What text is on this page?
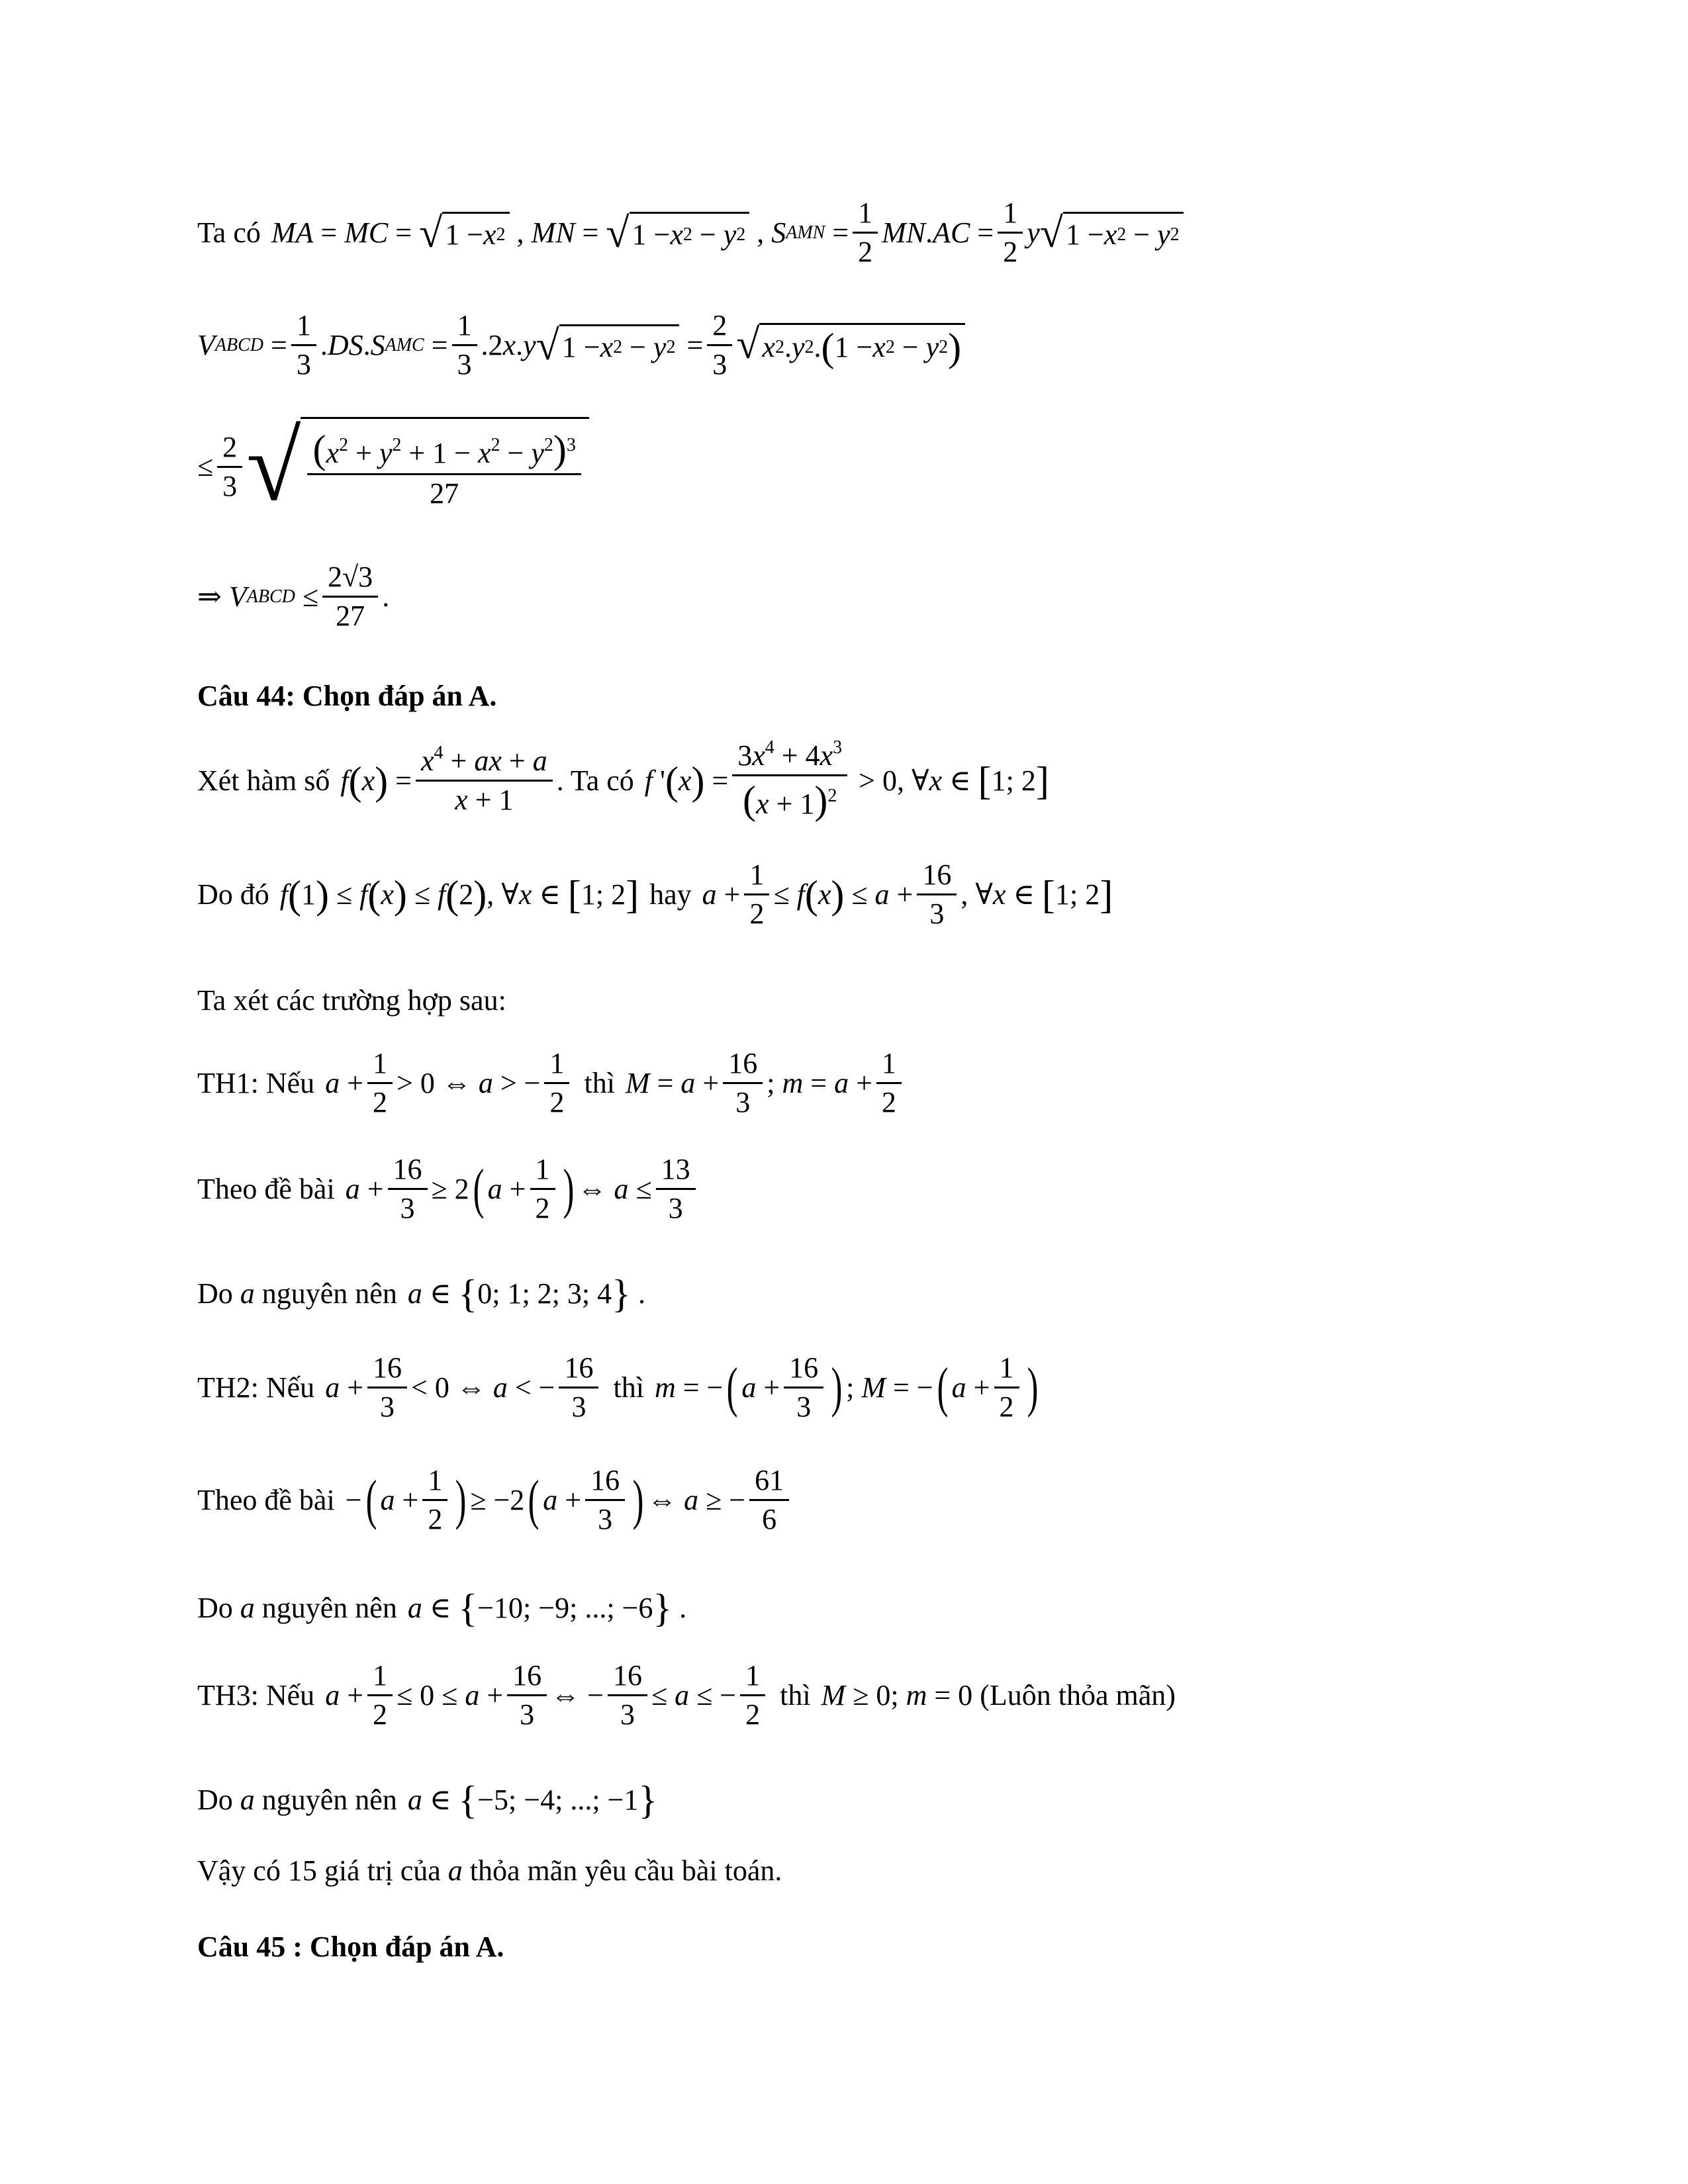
Ta có MA = MC = √ 1 − x 2 , MN = √ 1 − x 2 − y 2 , S AMN = $\frac{1}{2}$ MN . AC = $\frac{1}{2}$ y √ 1 − x 2 − y 2
V ABCD = $\frac{1}{3}$ . DS . S AMC = $\frac{1}{3} .2$ x . y √ 1 − x 2 − y $2 = \frac{2}{3}$ √ x 2 . y 2 . ( 1 − x 2 − y 2 )
≤ $\frac{2}{3}$ √ $\frac{(x^2 + y^2 + 1 - x^2 - y^2)^3}{27}$
⇒ V ABCD ≤ $\frac{2√3}{27}$ .
Câu 44: Chọn đáp án A.
Xét hàm số f ( x ) = $\frac{x^4 + ax + a}{x + 1}$ . Ta có f ' ( x ) = $\frac{3x^4 + 4x^3}{(x + 1)^2} > 0$, ∀ x ∈ [ 1; 2 ]
Do đó f ( 1 ) ≤ f ( x ) ≤ f ( 2 ) , ∀ x ∈ [ 1; 2 ] hay $a + \frac{1}{2} \le f$ ( x ) ≤ $a + \frac{16}{3}$ , ∀ x ∈ [ 1; 2 ]
Ta xét các trường hợp sau:
TH1: Nếu $a + \frac{1}{2} > 0$ ⇔ a > − $\frac{1}{2}$ thì $M = a + \frac{16}{3}$ ; $m = a + \frac{1}{2}$
Theo đề bài $a + \frac{16}{3} \ge 2$ ( $a + \frac{1}{2}$ ) ⇔ $a \le \frac{13}{3}$
Do a nguyên nên a ∈ { 0; 1; 2; 3; 4 } .
TH2: Nếu $a + \frac{16}{3} < 0$ ⇔ a < − $\frac{16}{3}$ thì m = − ( $a + \frac{16}{3}$ ) ; M = − ( $a + \frac{1}{2}$ )
Theo đề bài − ( $a + \frac{1}{2}$ ) ≥ −2 ( $a + \frac{16}{3}$ ) ⇔ a ≥ − $\frac{61}{6}$
Do a nguyên nên a ∈ { −10; −9; ...; −6 } .
TH3: Nếu $a + \frac{1}{2} \le 0 \le a + \frac{16}{3}$ ⇔ − $\frac{16}{3} \le a$ ≤ − $\frac{1}{2}$ thì M ≥ 0; m = 0 (Luôn thỏa mãn)
Do a nguyên nên a ∈ { −5; −4; ...; −1 }
Vậy có 15 giá trị của a thỏa mãn yêu cầu bài toán.
Câu 45 : Chọn đáp án A.
